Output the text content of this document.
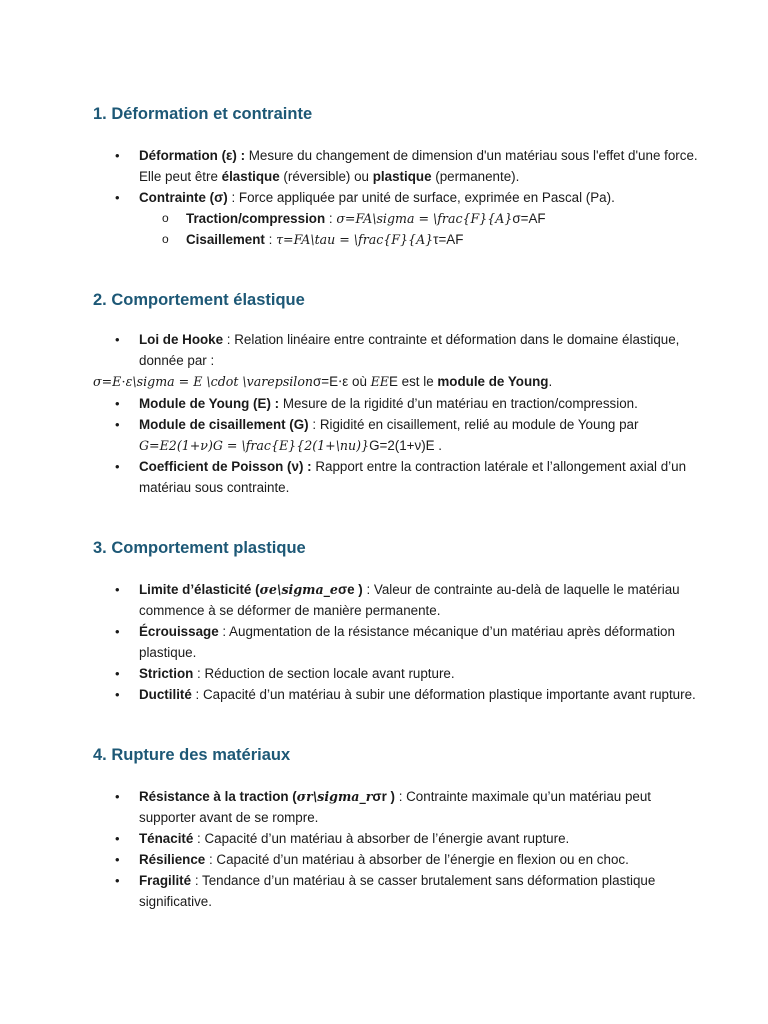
1. Déformation et contrainte
• Déformation (ε) : Mesure du changement de dimension d'un matériau sous l'effet d'une force. Elle peut être élastique (réversible) ou plastique (permanente).
• Contrainte (σ) : Force appliquée par unité de surface, exprimée en Pascal (Pa).
o Traction/compression : σ=FA\sigma = \frac{F}{A}σ=AF
o Cisaillement : τ=FA\tau = \frac{F}{A}τ=AF
2. Comportement élastique
• Loi de Hooke : Relation linéaire entre contrainte et déformation dans le domaine élastique, donnée par :
σ=E⋅ε\sigma = E \cdot \varepsilonσ=E⋅ε où EEE est le module de Young.
• Module de Young (E) : Mesure de la rigidité d’un matériau en traction/compression.
• Module de cisaillement (G) : Rigidité en cisaillement, relié au module de Young par G=E2(1+ν)G = \frac{E}{2(1+\nu)}G=2(1+ν)E .
• Coefficient de Poisson (ν) : Rapport entre la contraction latérale et l’allongement axial d’un matériau sous contrainte.
3. Comportement plastique
• Limite d’élasticité (σe\sigma_eσe ) : Valeur de contrainte au-delà de laquelle le matériau commence à se déformer de manière permanente.
• Écrouissage : Augmentation de la résistance mécanique d’un matériau après déformation plastique.
• Striction : Réduction de section locale avant rupture.
• Ductilité : Capacité d’un matériau à subir une déformation plastique importante avant rupture.
4. Rupture des matériaux
• Résistance à la traction (σr\sigma_rσr ) : Contrainte maximale qu’un matériau peut supporter avant de se rompre.
• Ténacité : Capacité d’un matériau à absorber de l’énergie avant rupture.
• Résilience : Capacité d’un matériau à absorber de l’énergie en flexion ou en choc.
• Fragilité : Tendance d’un matériau à se casser brutalement sans déformation plastique significative.
